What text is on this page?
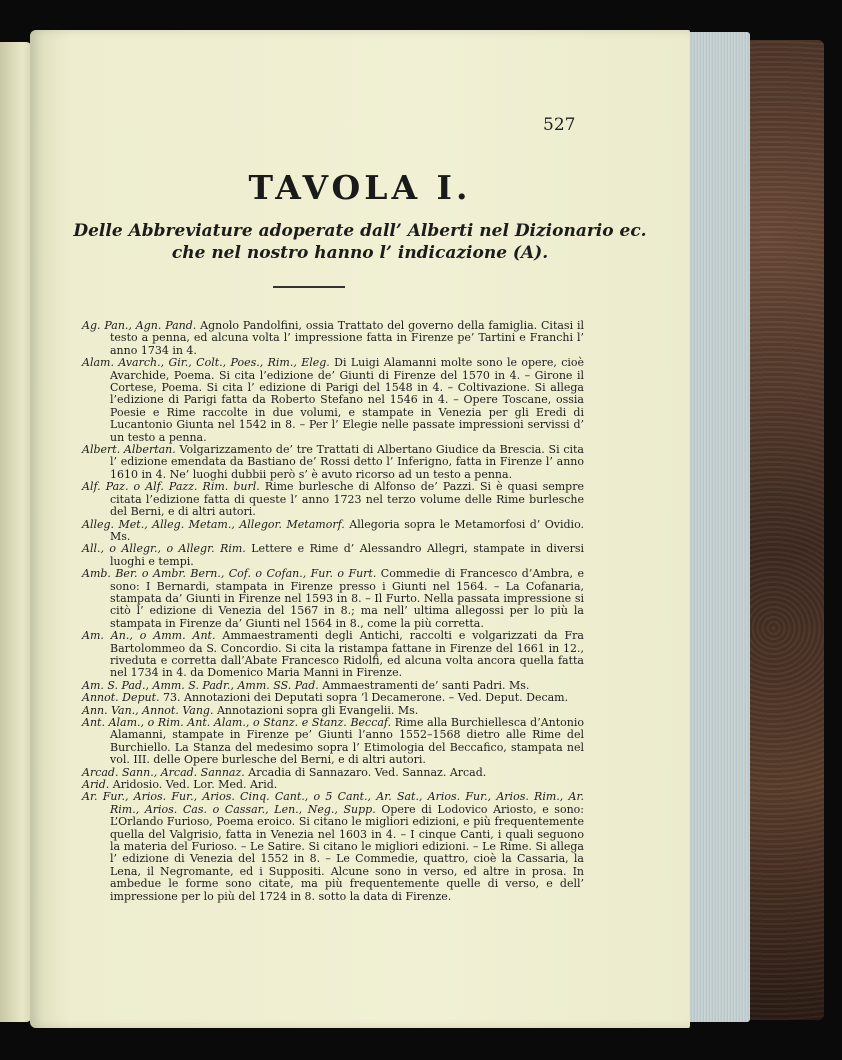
527
TAVOLA I.
Delle Abbreviature adoperate dall’ Alberti nel Dizionario ec.
che nel nostro hanno l’ indicazione (A).

Ag. Pan., Agn. Pand. Agnolo Pandolfini, ossia Trattato del governo della famiglia. Citasi il testo a penna, ed alcuna volta l’ impressione fatta in Firenze pe’ Tartini e Franchi l’ anno 1734 in 4.

Alam. Avarch., Gir., Colt., Poes., Rim., Eleg. Di Luigi Alamanni molte sono le opere, cioè Avarchide, Poema. Si cita l’edizione de’ Giunti di Firenze del 1570 in 4. – Girone il Cortese, Poema. Si cita l’ edizione di Parigi del 1548 in 4. – Coltivazione. Si allega l’edizione di Parigi fatta da Roberto Stefano nel 1546 in 4. – Opere Toscane, ossia Poesie e Rime raccolte in due volumi, e stampate in Venezia per gli Eredi di Lucantonio Giunta nel 1542 in 8. – Per l’ Elegie nelle passate impressioni servissi d’ un testo a penna.

Albert. Albertan. Volgarizzamento de’ tre Trattati di Albertano Giudice da Brescia. Si cita l’ edizione emendata da Bastiano de’ Rossi detto l’ Inferigno, fatta in Firenze l’ anno 1610 in 4. Ne’ luoghi dubbii però s’ è avuto ricorso ad un testo a penna.

Alf. Paz. o Alf. Pazz. Rim. burl. Rime burlesche di Alfonso de’ Pazzi. Si è quasi sempre citata l’edizione fatta di queste l’ anno 1723 nel terzo volume delle Rime burlesche del Berni, e di altri autori.

Alleg. Met., Alleg. Metam., Allegor. Metamorf. Allegoria sopra le Metamorfosi d’ Ovidio. Ms.

All., o Allegr., o Allegr. Rim. Lettere e Rime d’ Alessandro Allegri, stampate in diversi luoghi e tempi.

Amb. Ber. o Ambr. Bern., Cof. o Cofan., Fur. o Furt. Commedie di Francesco d’Ambra, e sono: I Bernardi, stampata in Firenze presso i Giunti nel 1564. – La Cofanaria, stampata da’ Giunti in Firenze nel 1593 in 8. – Il Furto. Nella passata impressione si citò l’ edizione di Venezia del 1567 in 8.; ma nell’ ultima allegossi per lo più la stampata in Firenze da’ Giunti nel 1564 in 8., come la più corretta.

Am. An., o Amm. Ant. Ammaestramenti degli Antichi, raccolti e volgarizzati da Fra Bartolommeo da S. Concordio. Si cita la ristampa fattane in Firenze del 1661 in 12., riveduta e corretta dall’Abate Francesco Ridolfi, ed alcuna volta ancora quella fatta nel 1734 in 4. da Domenico Maria Manni in Firenze.

Am. S. Pad., Amm. S. Padr., Amm. SS. Pad. Ammaestramenti de’ santi Padri. Ms.

Annot. Deput. 73. Annotazioni dei Deputati sopra ’l Decamerone. – Ved. Deput. Decam.

Ann. Van., Annot. Vang. Annotazioni sopra gli Evangelii. Ms.

Ant. Alam., o Rim. Ant. Alam., o Stanz. e Stanz. Beccaf. Rime alla Burchiellesca d’Antonio Alamanni, stampate in Firenze pe’ Giunti l’anno 1552–1568 dietro alle Rime del Burchiello. La Stanza del medesimo sopra l’ Etimologia del Beccafico, stampata nel vol. III. delle Opere burlesche del Berni, e di altri autori.

Arcad. Sann., Arcad. Sannaz. Arcadia di Sannazaro. Ved. Sannaz. Arcad.

Arid. Aridosio. Ved. Lor. Med. Arid.

Ar. Fur., Arios. Fur., Arios. Cinq. Cant., o 5 Cant., Ar. Sat., Arios. Fur., Arios. Rim., Ar. Rim., Arios. Cas. o Cassar., Len., Neg., Supp. Opere di Lodovico Ariosto, e sono: L’Orlando Furioso, Poema eroico. Si citano le migliori edizioni, e più frequentemente quella del Valgrisio, fatta in Venezia nel 1603 in 4. – I cinque Canti, i quali seguono la materia del Furioso. – Le Satire. Si citano le migliori edizioni. – Le Rime. Si allega l’ edizione di Venezia del 1552 in 8. – Le Commedie, quattro, cioè la Cassaria, la Lena, il Negromante, ed i Suppositi. Alcune sono in verso, ed altre in prosa. In ambedue le forme sono citate, ma più frequentemente quelle di verso, e dell’ impressione per lo più del 1724 in 8. sotto la data di Firenze.
